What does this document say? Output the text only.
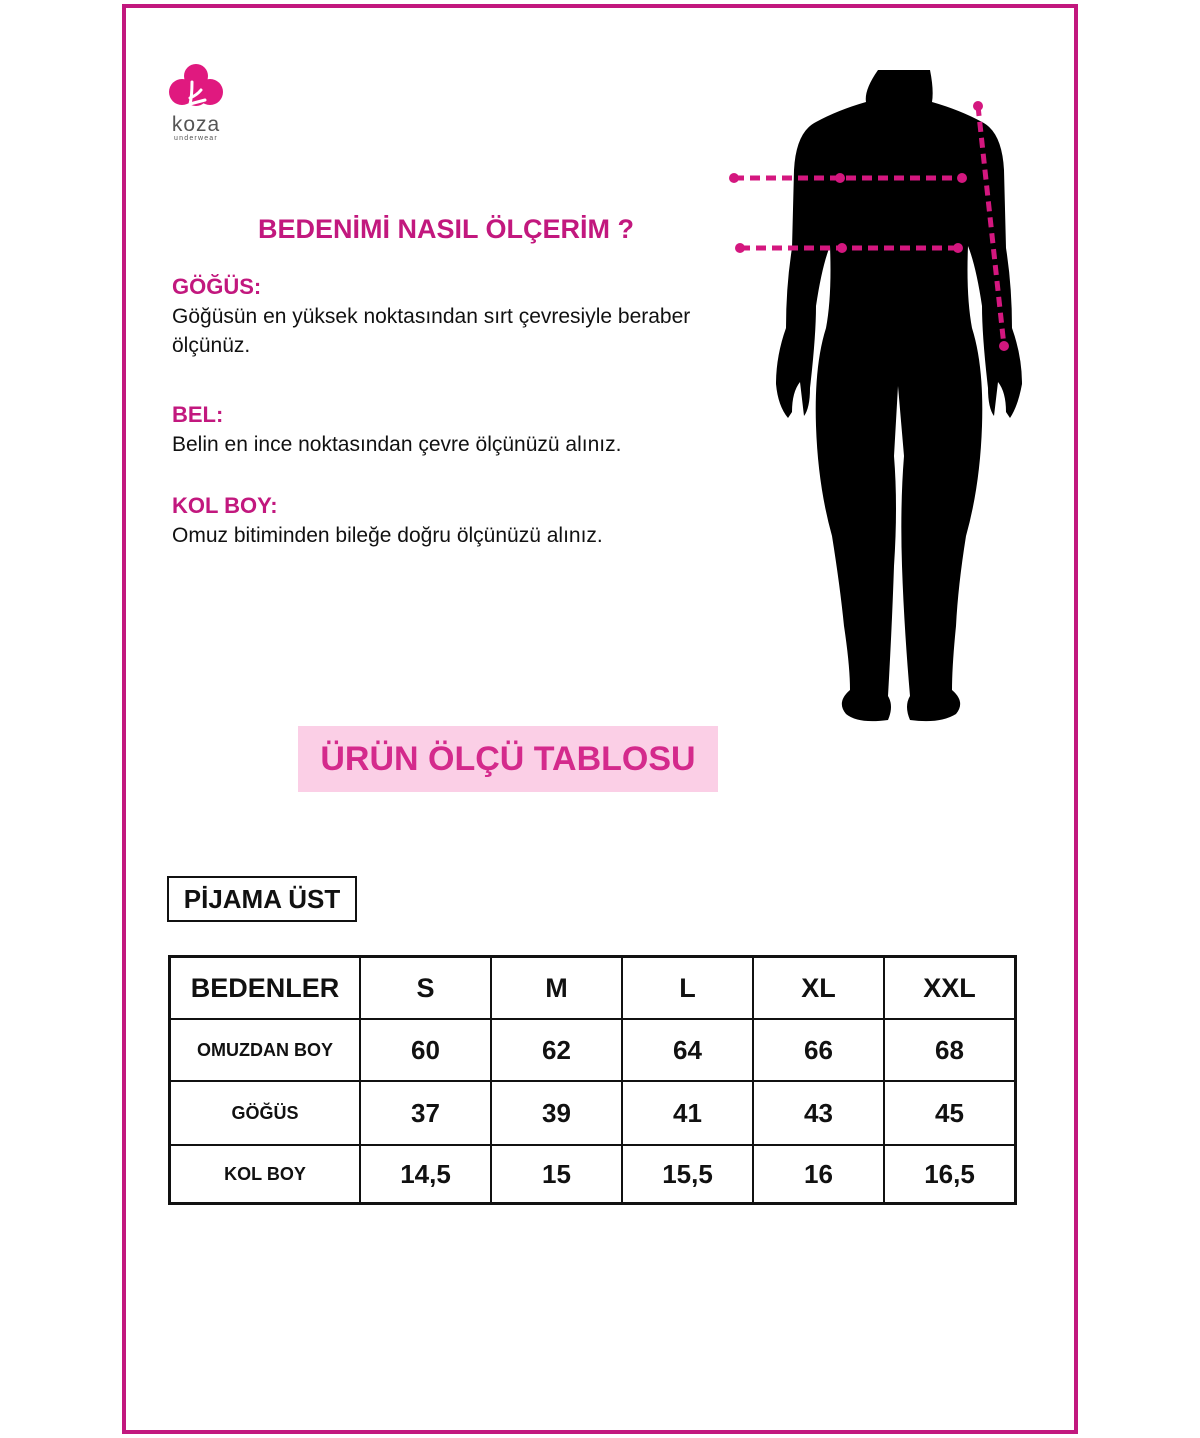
koza
underwear
BEDENİMİ NASIL ÖLÇERİM ?
GÖĞÜS:
Göğüsün en yüksek noktasından sırt çevresiyle beraber ölçünüz.
BEL:
Belin en ince noktasından çevre ölçünüzü alınız.
KOL BOY:
Omuz bitiminden bileğe doğru ölçünüzü alınız.
ÜRÜN ÖLÇÜ TABLOSU
PİJAMA ÜST
BEDENLER	S	M	L	XL	XXL
OMUZDAN BOY	60	62	64	66	68
GÖĞÜS	37	39	41	43	45
KOL BOY	14,5	15	15,5	16	16,5
